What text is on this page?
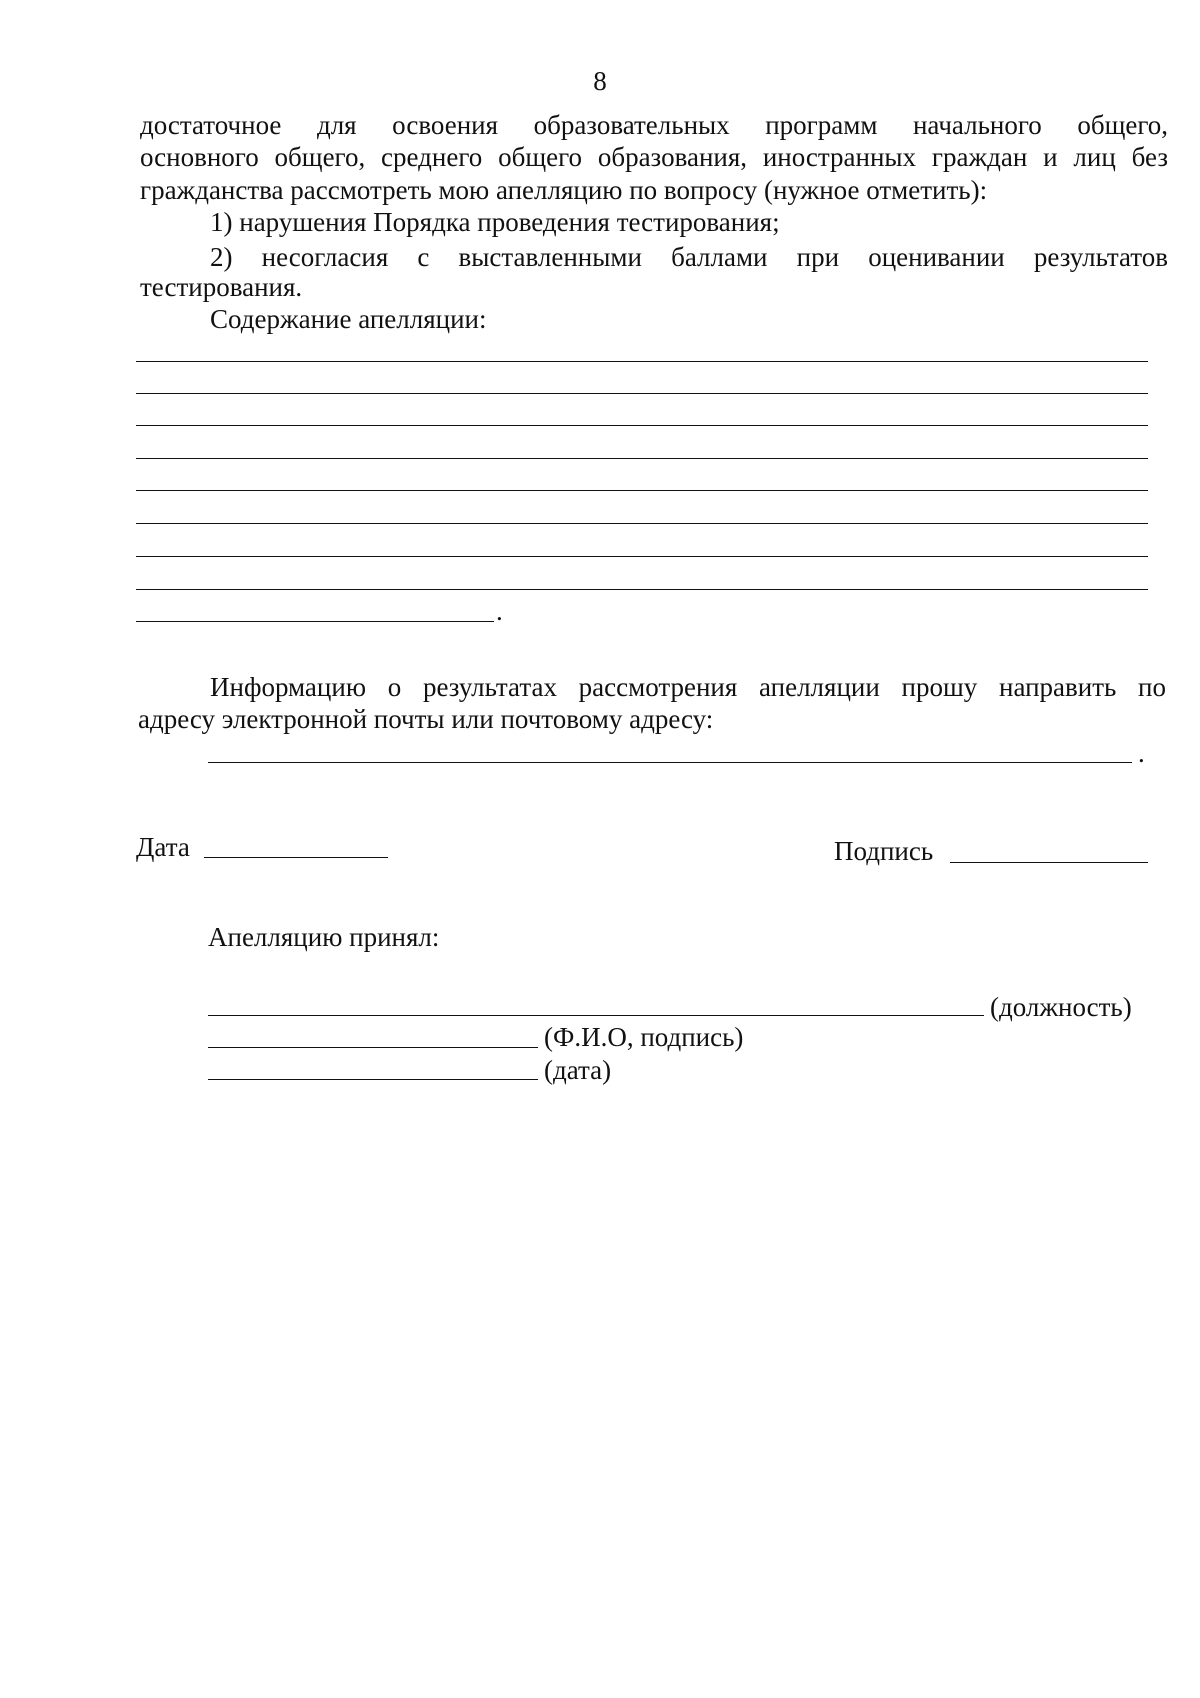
8
достаточное для освоения образовательных программ начального общего,
основного общего, среднего общего образования, иностранных граждан и лиц без
гражданства рассмотреть мою апелляцию по вопросу (нужное отметить):
1) нарушения Порядка проведения тестирования;
2) несогласия с выставленными баллами при оценивании результатов
тестирования.
Содержание апелляции:
.
Информацию о результатах рассмотрения апелляции прошу направить по
адресу электронной почты или почтовому адресу:
.
Дата	Подпись
Апелляцию принял:
(должность)
(Ф.И.О, подпись)
(дата)
